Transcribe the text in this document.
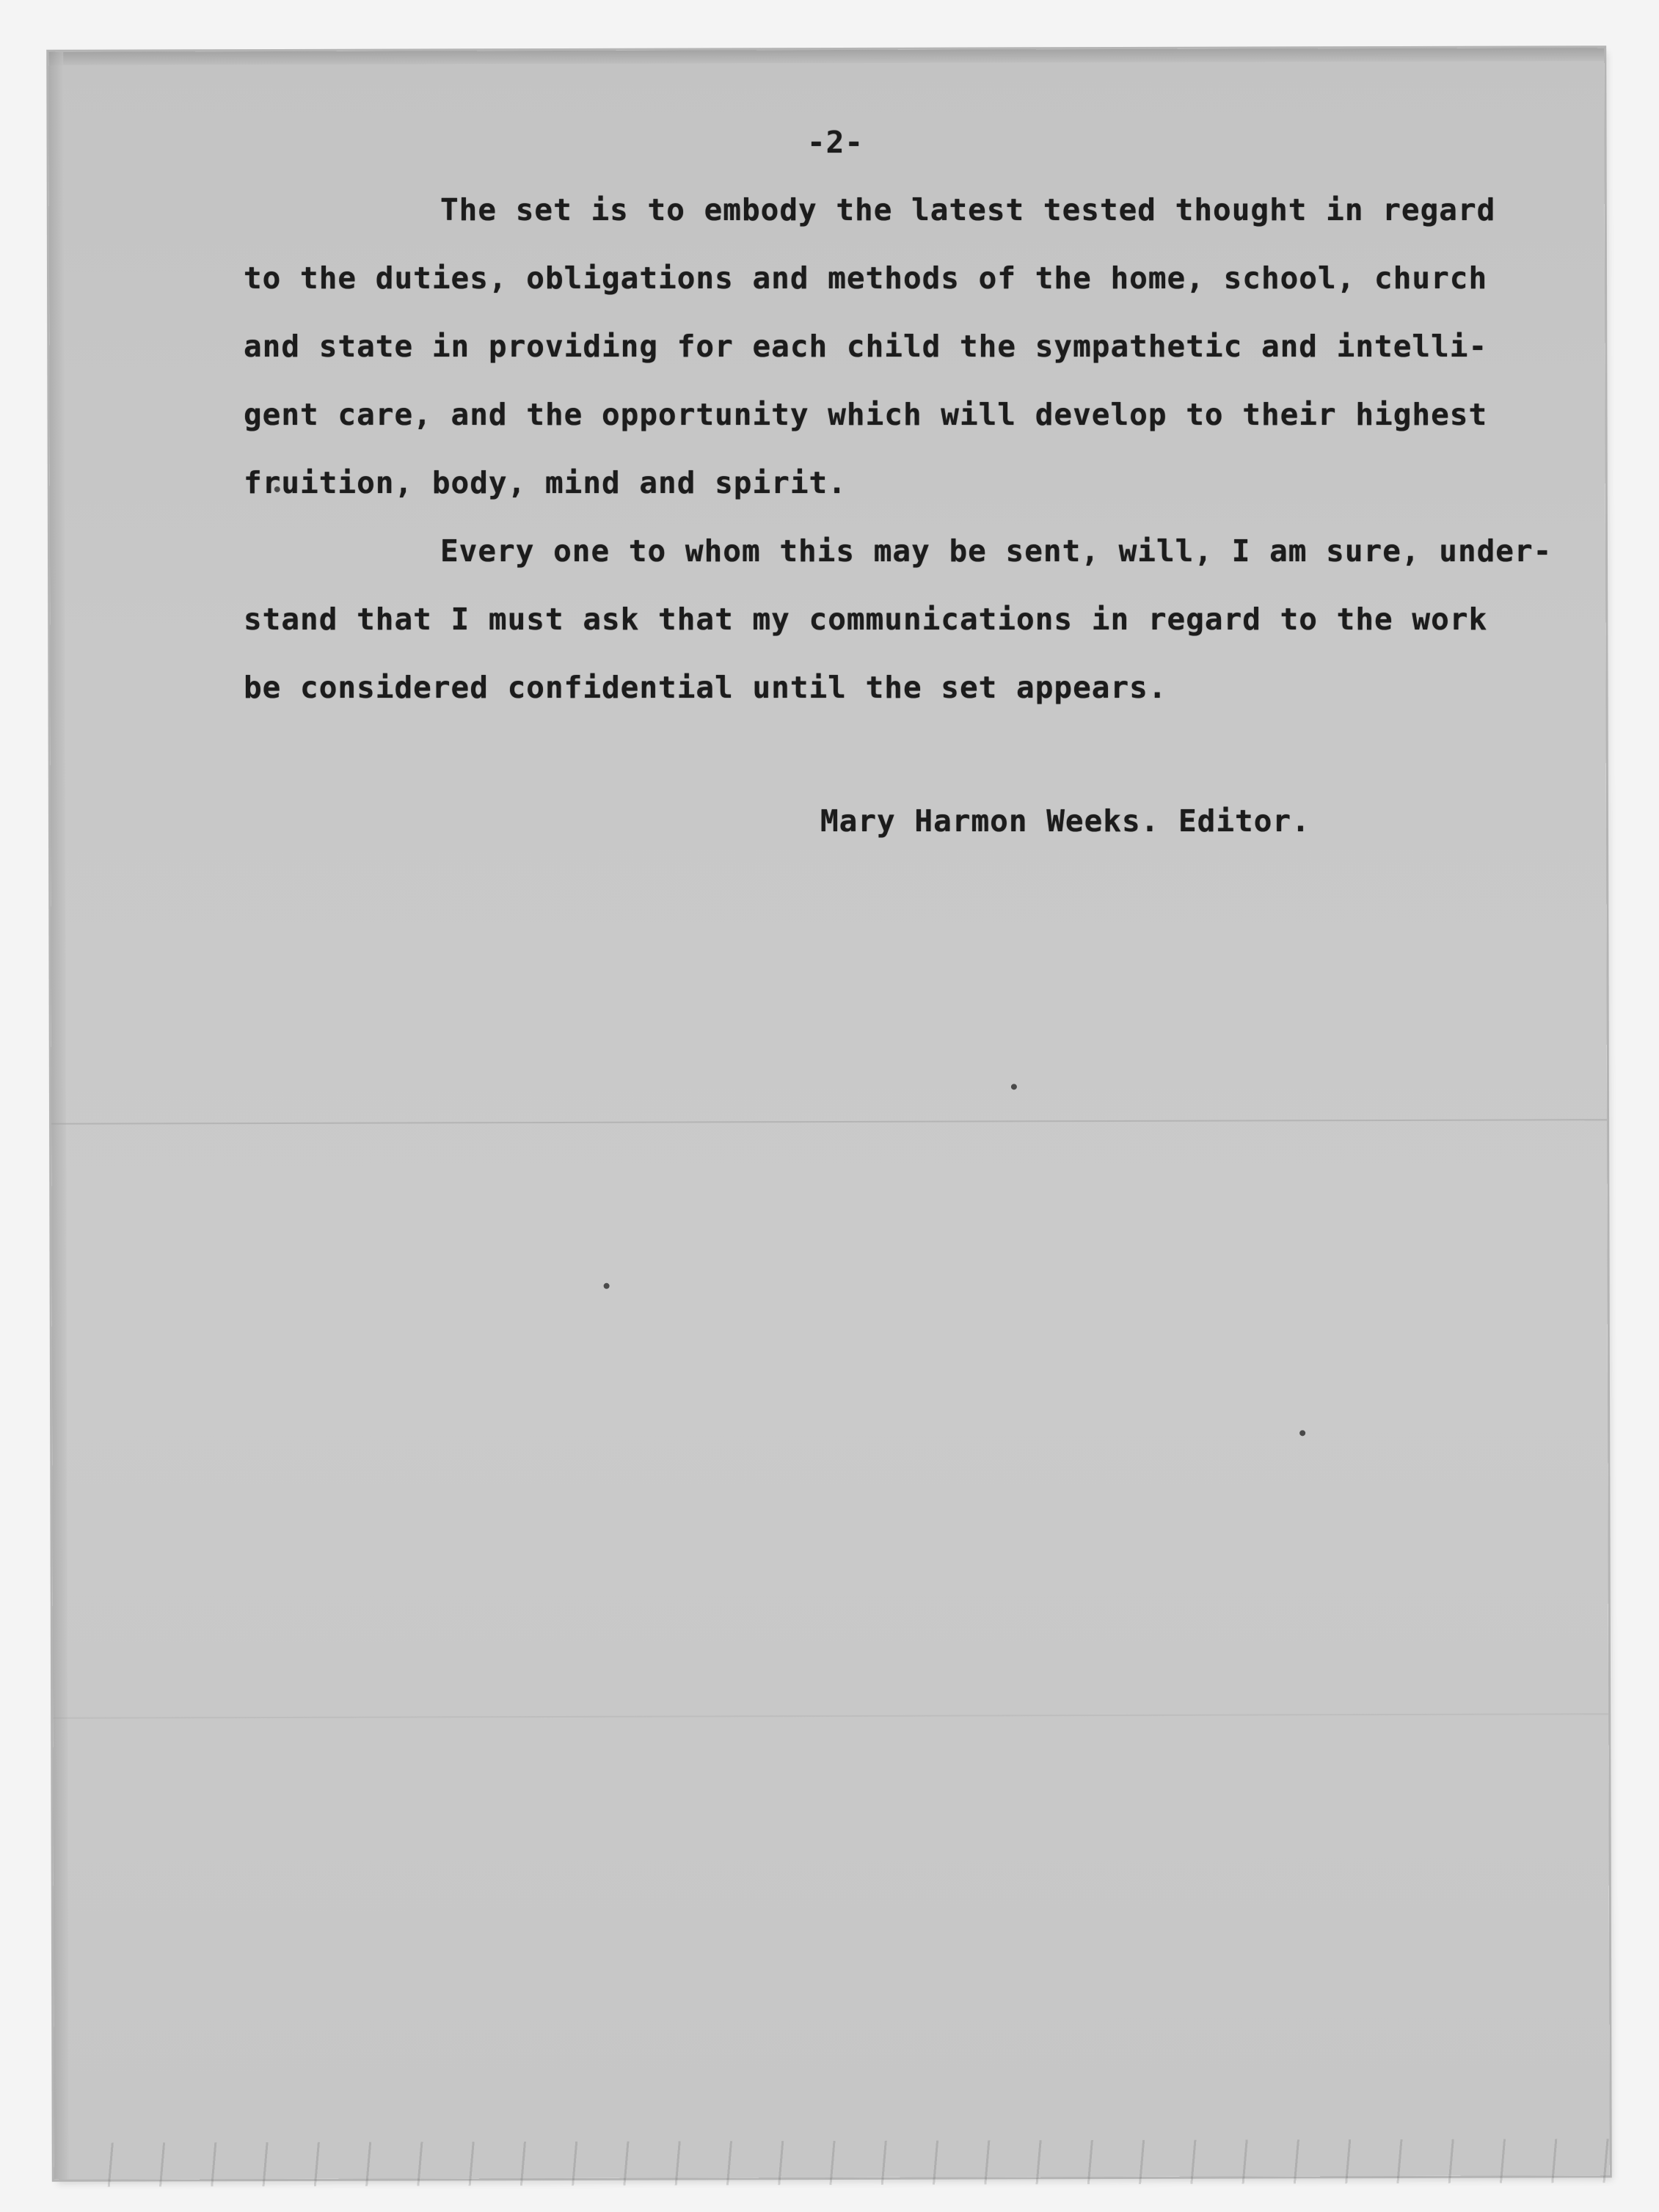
-2-
The set is to embody the latest tested thought in regard
to the duties, obligations and methods of the home, school, church
and state in providing for each child the sympathetic and intelli-
gent care, and the opportunity which will develop to their highest
fruition, body, mind and spirit.
Every one to whom this may be sent, will, I am sure, under-
stand that I must ask that my communications in regard to the work
be considered confidential until the set appears.
Mary Harmon Weeks. Editor.
